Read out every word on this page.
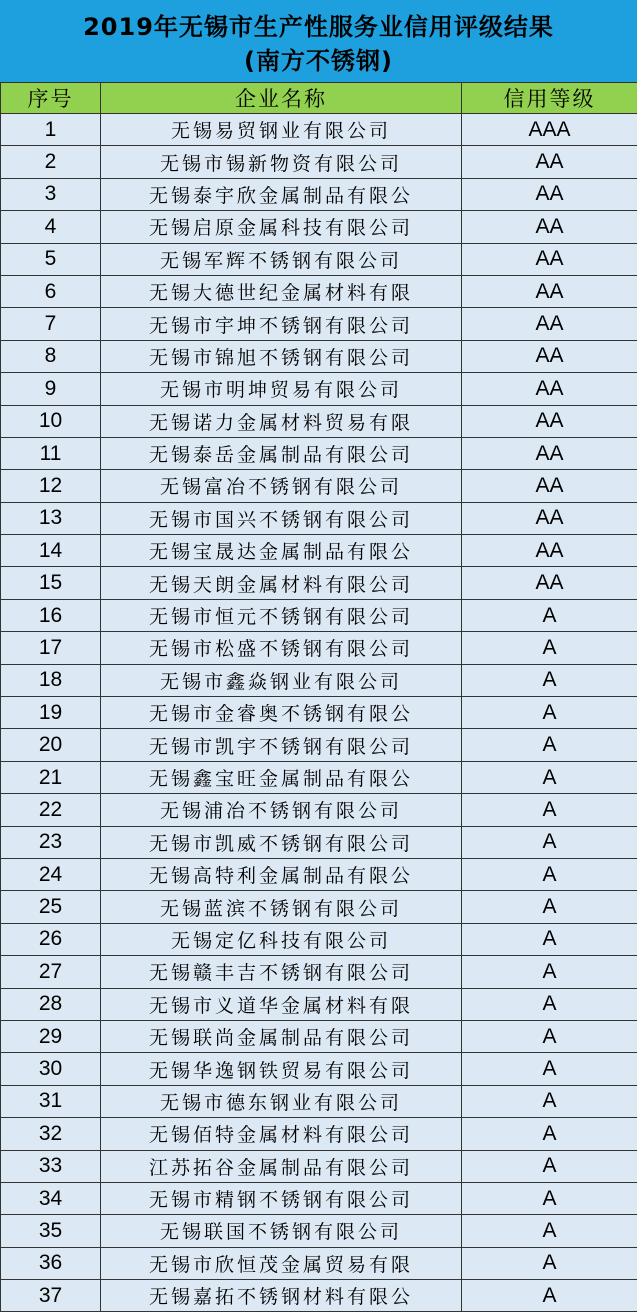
2019年无锡市生产性服务业信用评级结果
(南方不锈钢)
序号	企业名称	信用等级
1	无锡易贸钢业有限公司	AAA
2	无锡市锡新物资有限公司	AA
3	无锡泰宇欣金属制品有限公	AA
4	无锡启原金属科技有限公司	AA
5	无锡军辉不锈钢有限公司	AA
6	无锡大德世纪金属材料有限	AA
7	无锡市宇坤不锈钢有限公司	AA
8	无锡市锦旭不锈钢有限公司	AA
9	无锡市明坤贸易有限公司	AA
10	无锡诺力金属材料贸易有限	AA
11	无锡泰岳金属制品有限公司	AA
12	无锡富冶不锈钢有限公司	AA
13	无锡市国兴不锈钢有限公司	AA
14	无锡宝晟达金属制品有限公	AA
15	无锡天朗金属材料有限公司	AA
16	无锡市恒元不锈钢有限公司	A
17	无锡市松盛不锈钢有限公司	A
18	无锡市鑫焱钢业有限公司	A
19	无锡市金睿奥不锈钢有限公	A
20	无锡市凯宇不锈钢有限公司	A
21	无锡鑫宝旺金属制品有限公	A
22	无锡浦冶不锈钢有限公司	A
23	无锡市凯威不锈钢有限公司	A
24	无锡高特利金属制品有限公	A
25	无锡蓝滨不锈钢有限公司	A
26	无锡定亿科技有限公司	A
27	无锡赣丰吉不锈钢有限公司	A
28	无锡市义道华金属材料有限	A
29	无锡联尚金属制品有限公司	A
30	无锡华逸钢铁贸易有限公司	A
31	无锡市德东钢业有限公司	A
32	无锡佰特金属材料有限公司	A
33	江苏拓谷金属制品有限公司	A
34	无锡市精钢不锈钢有限公司	A
35	无锡联国不锈钢有限公司	A
36	无锡市欣恒茂金属贸易有限	A
37	无锡嘉拓不锈钢材料有限公	A
